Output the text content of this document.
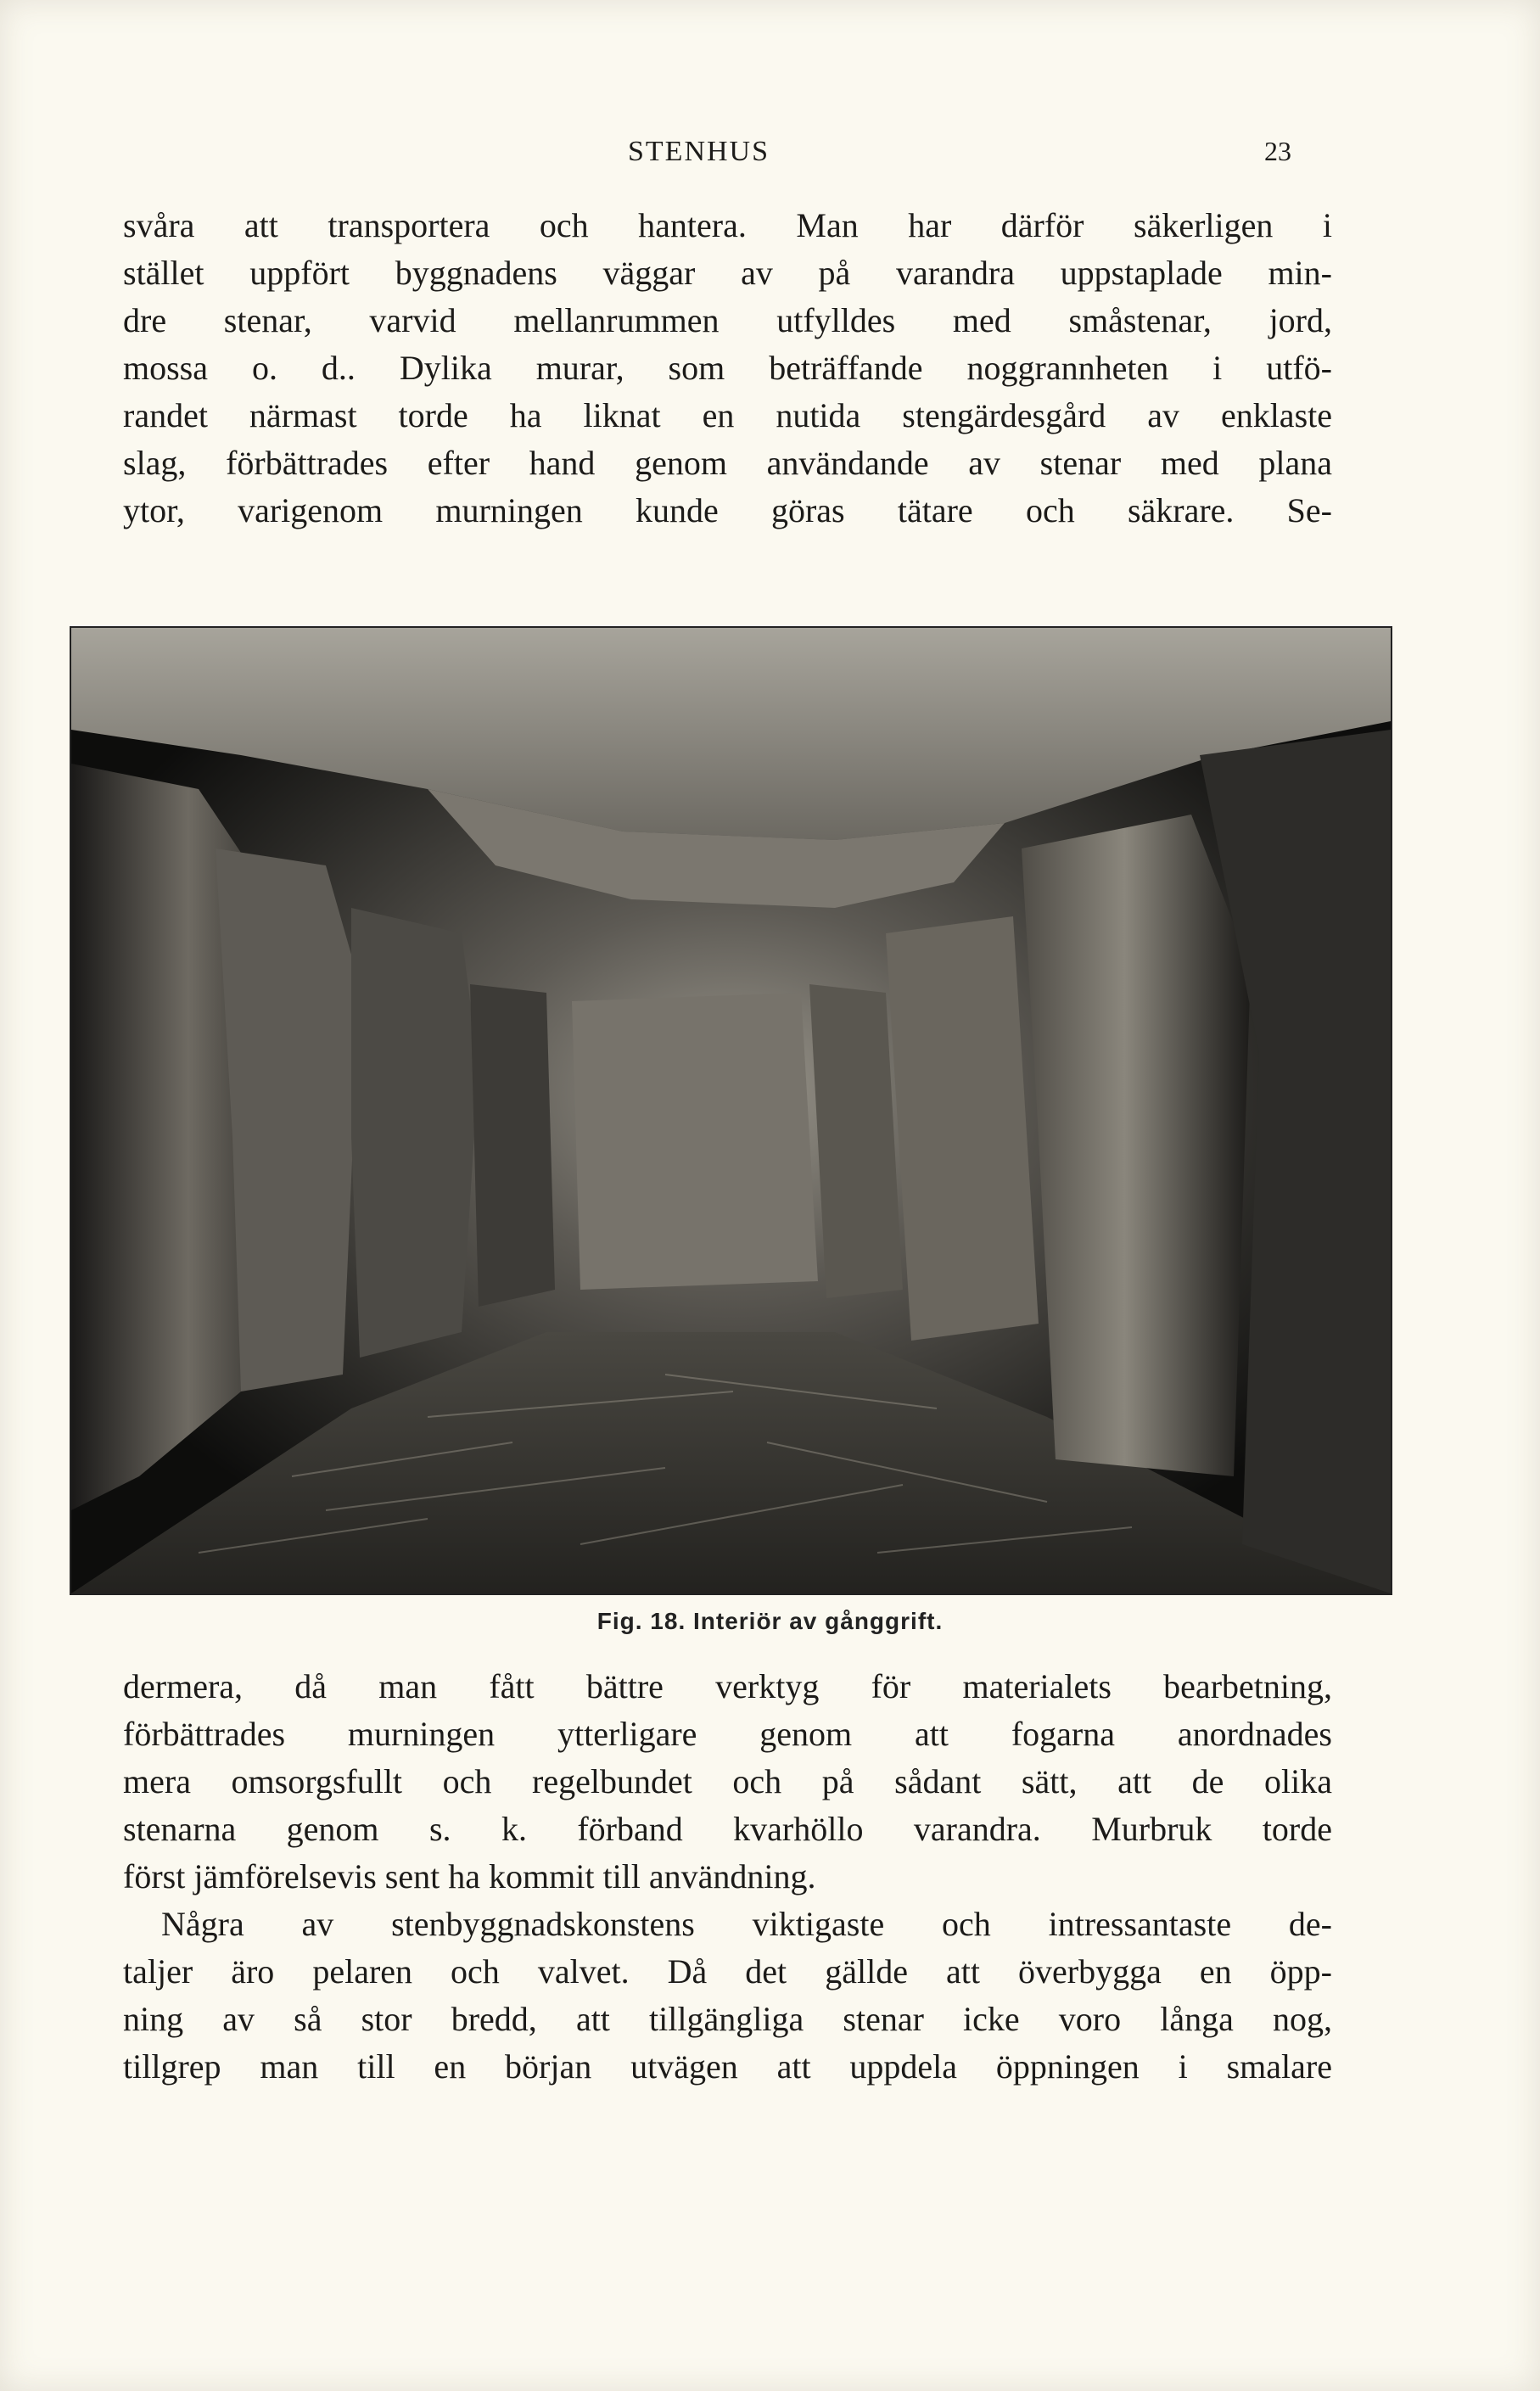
STENHUS	23
svåra att transportera och hantera. Man har därför säkerligen i
stället uppfört byggnadens väggar av på varandra uppstaplade min-
dre stenar, varvid mellanrummen utfylldes med småstenar, jord,
mossa o. d.. Dylika murar, som beträffande noggrannheten i utfö-
randet närmast torde ha liknat en nutida stengärdesgård av enklaste
slag, förbättrades efter hand genom användande av stenar med plana
ytor, varigenom murningen kunde göras tätare och säkrare. Se-
Fig. 18. Interiör av gånggrift.
dermera, då man fått bättre verktyg för materialets bearbetning,
förbättrades murningen ytterligare genom att fogarna anordnades
mera omsorgsfullt och regelbundet och på sådant sätt, att de olika
stenarna genom s. k. förband kvarhöllo varandra. Murbruk torde
först jämförelsevis sent ha kommit till användning.
Några av stenbyggnadskonstens viktigaste och intressantaste de-
taljer äro pelaren och valvet. Då det gällde att överbygga en öpp-
ning av så stor bredd, att tillgängliga stenar icke voro långa nog,
tillgrep man till en början utvägen att uppdela öppningen i smalare
